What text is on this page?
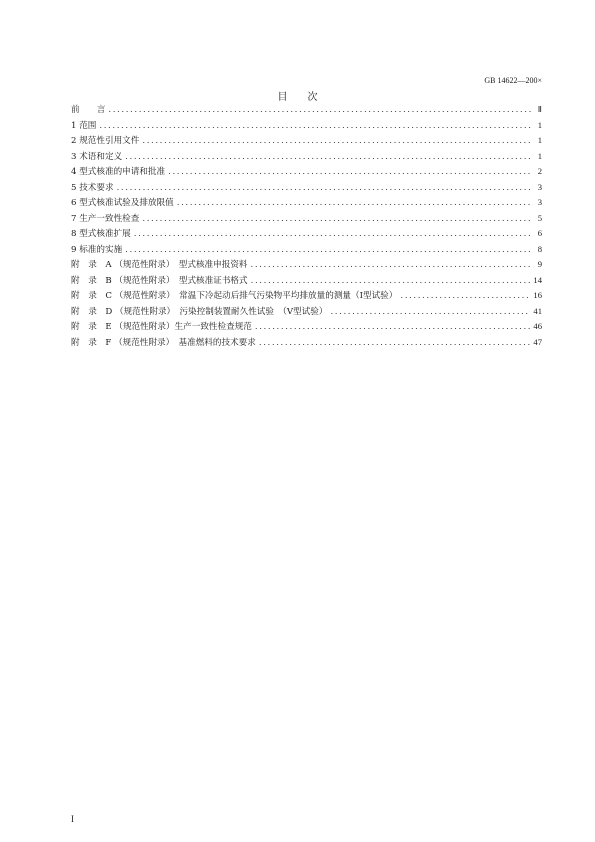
GB 14622—200×
目　　次
前　　言 .....	Ⅱ
1 范围 .....	1
2 规范性引用文件 .....	1
3 术语和定义 .....	1
4 型式核准的申请和批准 .....	2
5 技术要求 .....	3
6 型式核准试验及排放限值 .....	3
7 生产一致性检查 .....	5
8 型式核准扩展 .....	6
9 标准的实施 .....	8
附　录　A （规范性附录）　型式核准申报资料 .....	9
附　录　B （规范性附录）　型式核准证书格式 .....	14
附　录　C （规范性附录）　常温下冷起动后排气污染物平均排放量的测量（Ⅰ型试验） .....	16
附　录　D （规范性附录）　污染控制装置耐久性试验　（Ⅴ型试验） .....	41
附　录　E （规范性附录）生产一致性检查规范 .....	46
附　录　F （规范性附录）　基准燃料的技术要求 .....	47
I
